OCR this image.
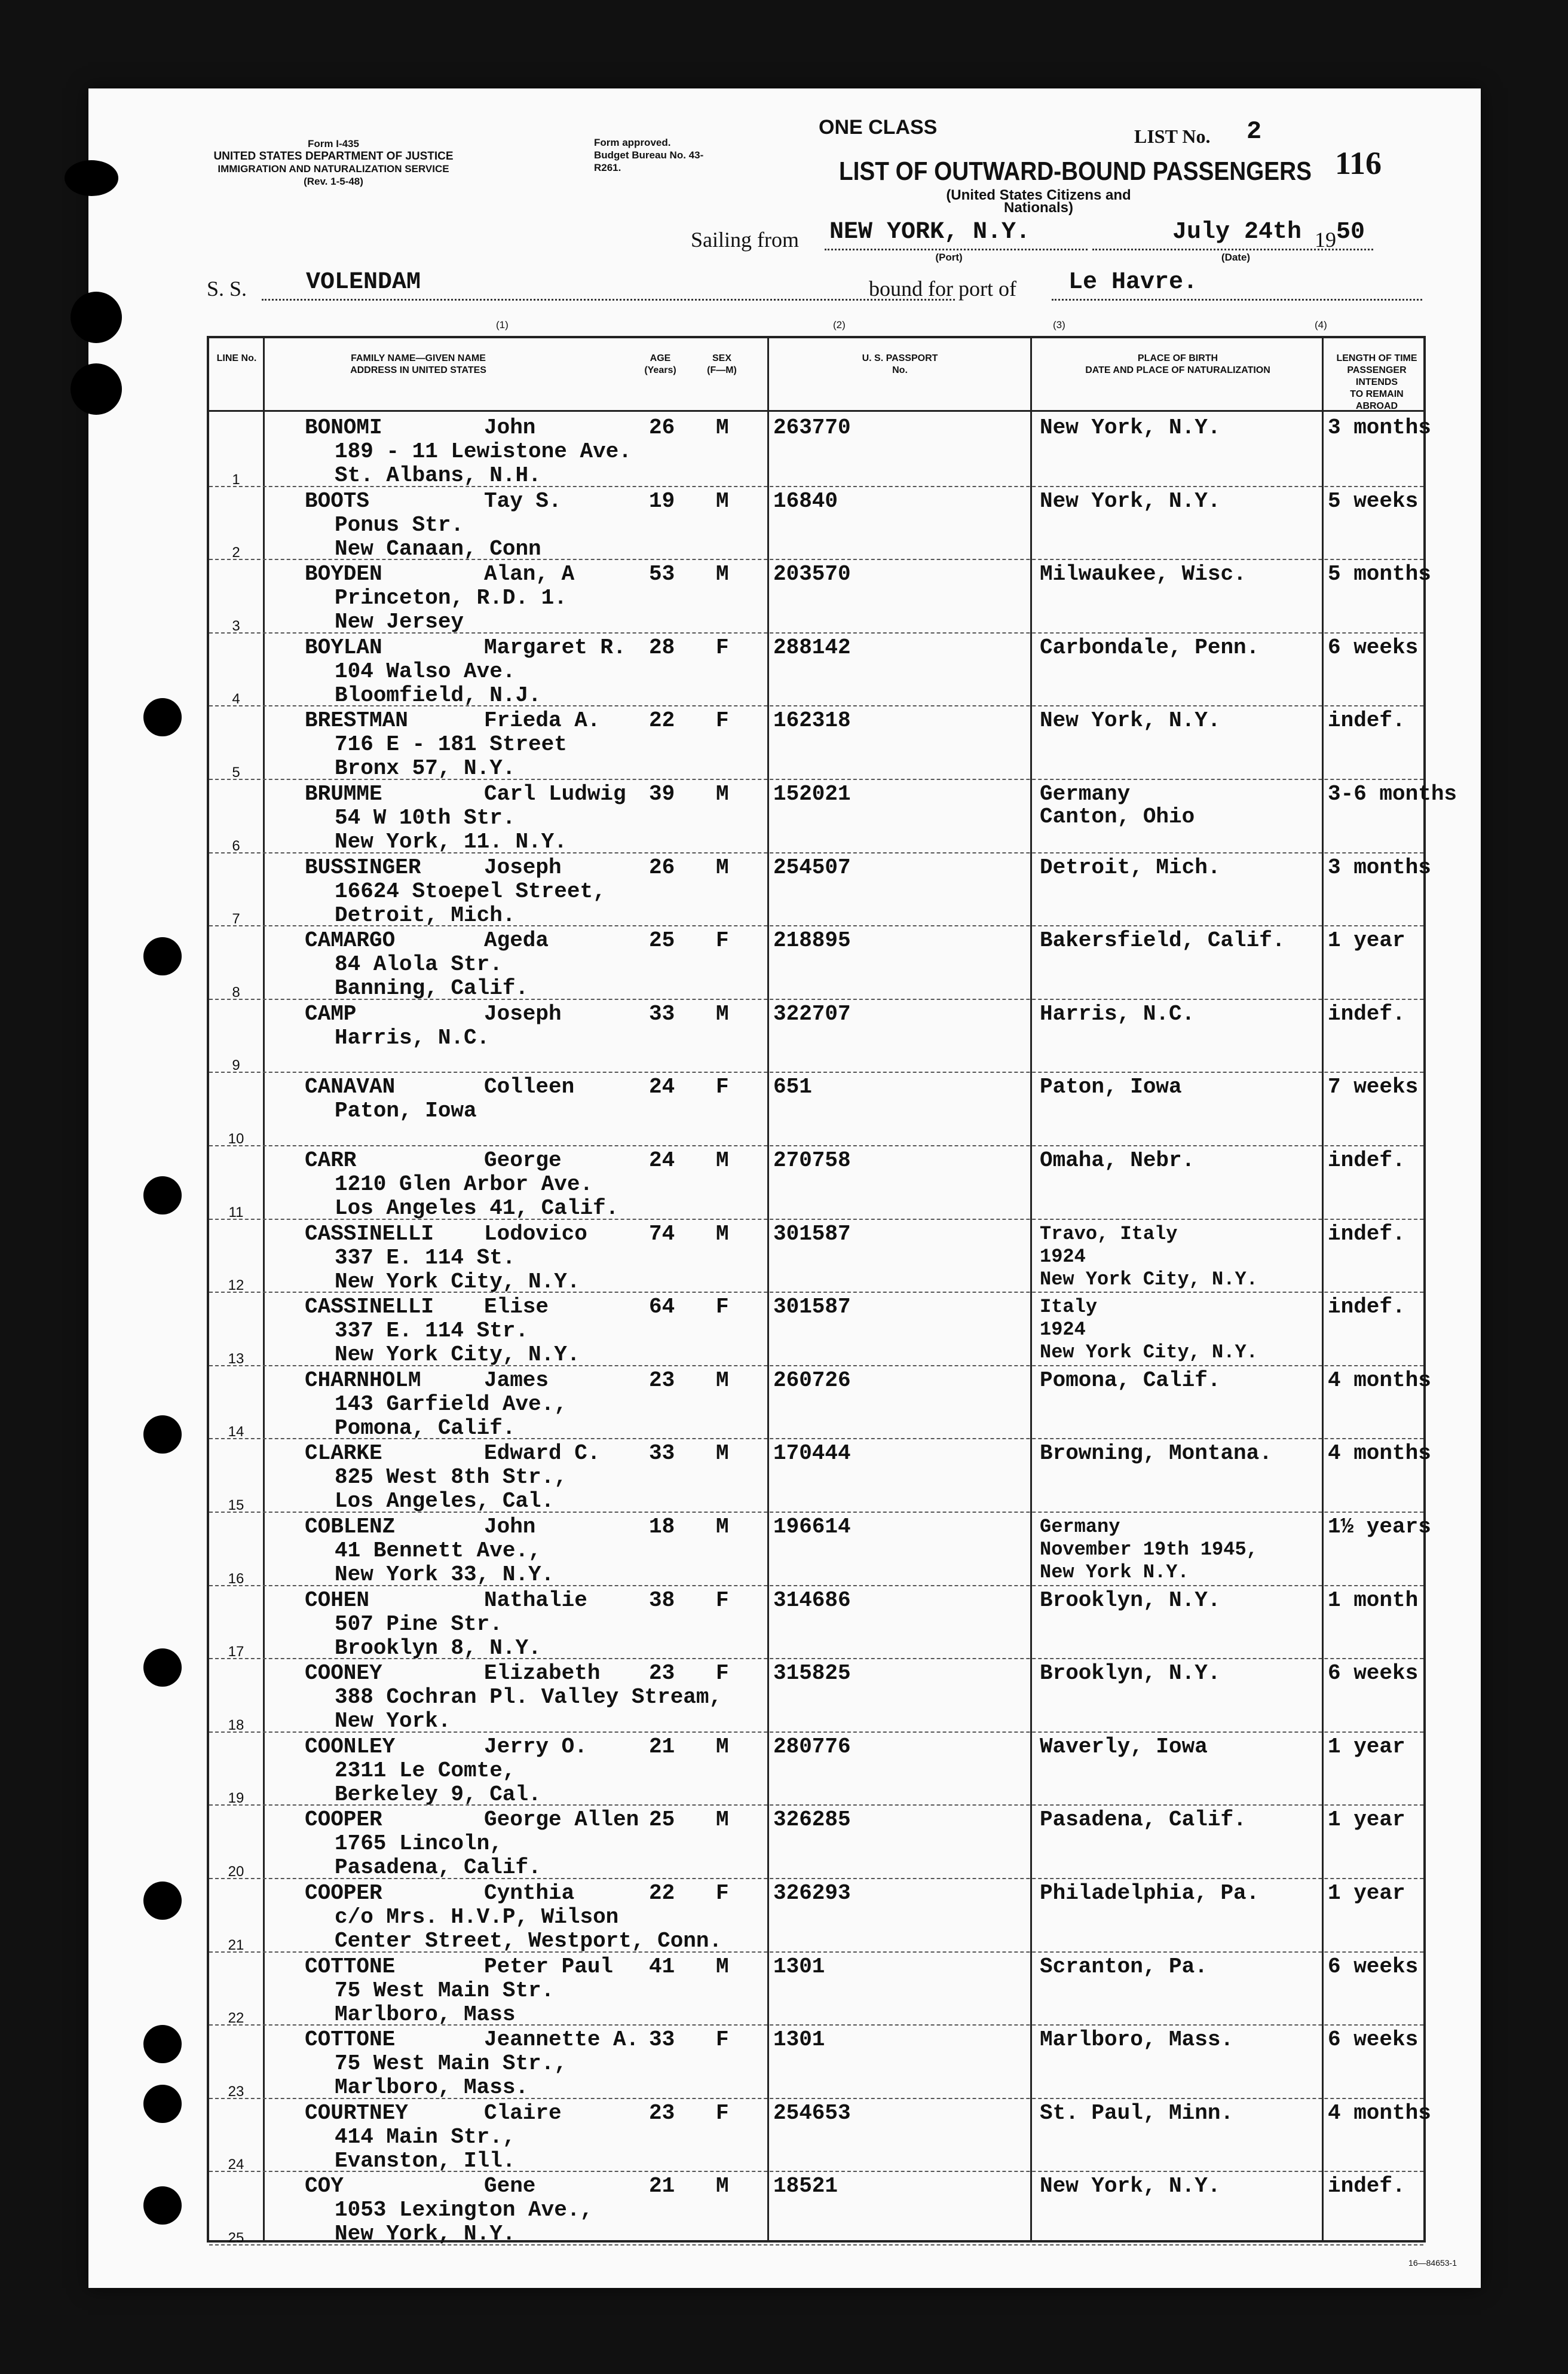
Form I-435
UNITED STATES DEPARTMENT OF JUSTICE
IMMIGRATION AND NATURALIZATION SERVICE
(Rev. 1-5-48)
Form approved.
Budget Bureau No. 43-R261.
ONE CLASS	LIST No. 2
116
LIST OF OUTWARD-BOUND PASSENGERS
(United States Citizens and Nationals)
Sailing from NEW YORK, N.Y.
(Port)
July 24th
(Date)
19 50
S. S. VOLENDAM	bound for port of Le Havre.
(1)	(2)	(3)	(4)
LINE No.	FAMILY NAME—GIVEN NAME
ADDRESS IN UNITED STATES
AGE
(Years)
SEX
(F—M)
U. S. PASSPORT
No.
PLACE OF BIRTH
DATE AND PLACE OF NATURALIZATION
LENGTH OF TIME
PASSENGER INTENDS
TO REMAIN ABROAD
1
BONOMI	John
189 - 11 Lewistone Ave.
St. Albans, N.H.
26 M 263770	New York, N.Y.	3 months
2
BOOTS	Tay S.
Ponus Str.
New Canaan, Conn
19 M 16840	New York, N.Y.	5 weeks
3
BOYDEN	Alan, A
Princeton, R.D. 1.
New Jersey
53 M 203570	Milwaukee, Wisc.	5 months
4
BOYLAN	Margaret R.
104 Walso Ave.
Bloomfield, N.J.
28 F 288142	Carbondale, Penn.	6 weeks
5
BRESTMAN	Frieda A.
716 E - 181 Street
Bronx 57, N.Y.
22 F 162318	New York, N.Y.	indef.
6
BRUMME	Carl Ludwig
54 W 10th Str.
New York, 11. N.Y.
39 M 152021	Germany
Canton, Ohio
3-6 months
7
BUSSINGER	Joseph
16624 Stoepel Street,
Detroit, Mich.
26 M 254507	Detroit, Mich.	3 months
8
CAMARGO	Ageda
84 Alola Str.
Banning, Calif.
25 F 218895	Bakersfield, Calif. 1 year
9
CAMP	Joseph
Harris, N.C.
33 M 322707	Harris, N.C.	indef.
10
CANAVAN	Colleen
Paton, Iowa
24 F 651	Paton, Iowa	7 weeks
11
CARR	George
1210 Glen Arbor Ave.
Los Angeles 41, Calif.
24 M 270758	Omaha, Nebr.	indef.
12
CASSINELLI Lodovico
337 E. 114 St.
New York City, N.Y.
74 M 301587	Travo, Italy
1924
New York City, N.Y.
indef.
13
CASSINELLI Elise
337 E. 114 Str.
New York City, N.Y.
64 F 301587	Italy
1924
New York City, N.Y.
indef.
14
CHARNHOLM	James
143 Garfield Ave.,
Pomona, Calif.
23 M 260726	Pomona, Calif.	4 months
15
CLARKE	Edward C.
825 West 8th Str.,
Los Angeles, Cal.
33 M 170444	Browning, Montana.	4 months
16
COBLENZ	John
41 Bennett Ave.,
New York 33, N.Y.
18 M 196614	Germany
November 19th 1945,
New York N.Y.
1½ years
17
COHEN	Nathalie
507 Pine Str.
Brooklyn 8, N.Y.
38 F 314686	Brooklyn, N.Y.	1 month
18
COONEY	Elizabeth
388 Cochran Pl. Valley Stream,
New York.
23 F 315825	Brooklyn, N.Y.	6 weeks
19
COONLEY	Jerry O.
2311 Le Comte,
Berkeley 9, Cal.
21 M 280776	Waverly, Iowa	1 year
20
COOPER	George Allen
1765 Lincoln,
Pasadena, Calif.
25 M 326285	Pasadena, Calif.	1 year
21
COOPER	Cynthia
c/o Mrs. H.V.P, Wilson
Center Street, Westport, Conn.
22 F 326293	Philadelphia, Pa.	1 year
22
COTTONE	Peter Paul
75 West Main Str.
Marlboro, Mass
41 M 1301	Scranton, Pa.	6 weeks
23
COTTONE	Jeannette A.
75 West Main Str.,
Marlboro, Mass.
33 F 1301	Marlboro, Mass.	6 weeks
24
COURTNEY	Claire
414 Main Str.,
Evanston, Ill.
23 F 254653	St. Paul, Minn.	4 months
25
COY	Gene
1053 Lexington Ave.,
New York, N.Y.
21 M 18521	New York, N.Y.	indef.
16—84653-1
